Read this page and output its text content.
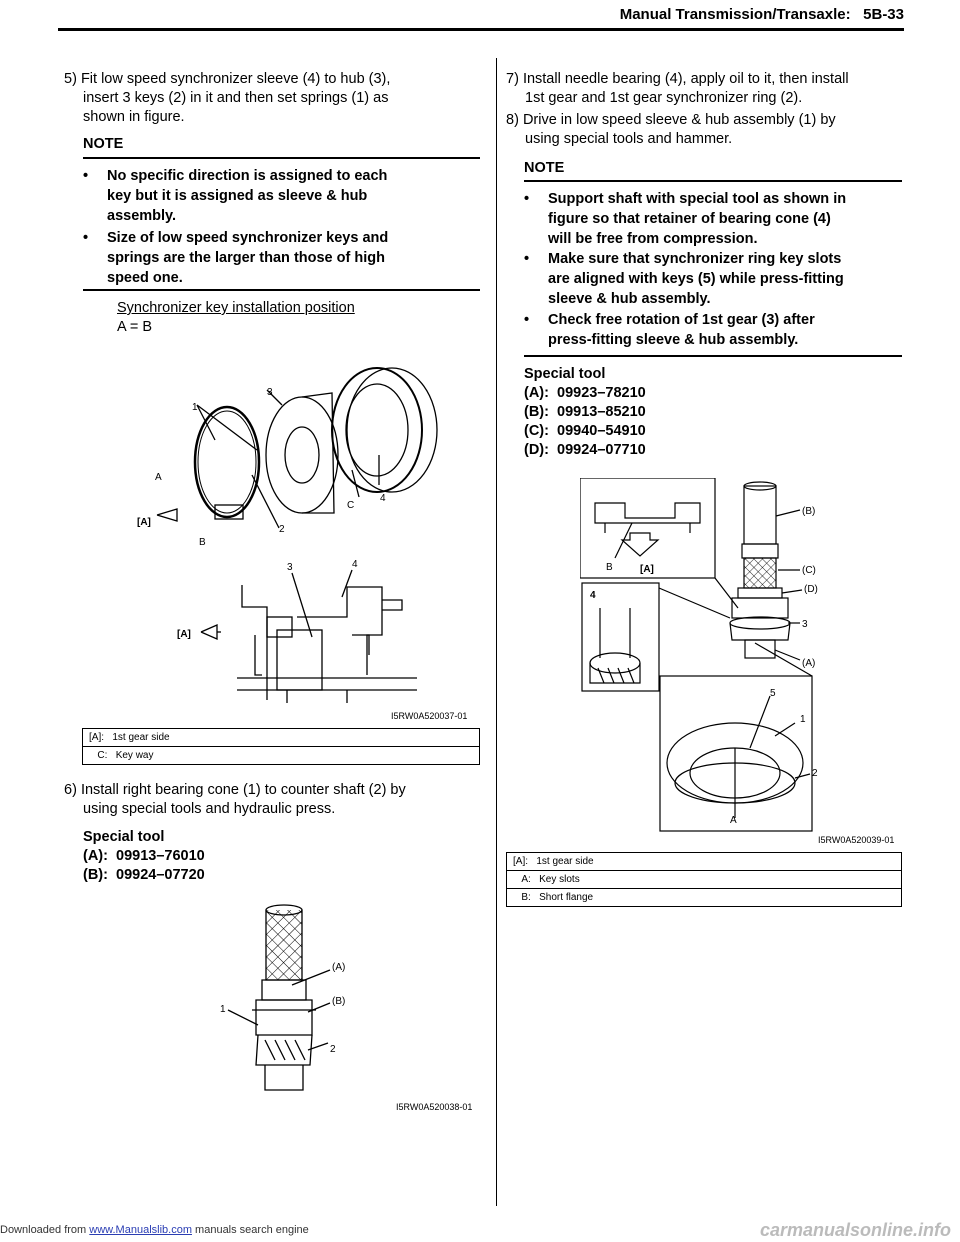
Manual Transmission/Transaxle: 5B-33
5) Fit low speed synchronizer sleeve (4) to hub (3),
insert 3 keys (2) in it and then set springs (1) as
shown in figure.
NOTE
•	No specific direction is assigned to each
key but it is assigned as sleeve & hub
assembly.
•	Size of low speed synchronizer keys and
springs are the larger than those of high
speed one.
Synchronizer key installation position
A = B
1
3
A
[A]
B
2
C
4
3	4
[A]
I5RW0A520037-01
[A]: 1st gear side
C: Key way
6) Install right bearing cone (1) to counter shaft (2) by
using special tools and hydraulic press.
Special tool
(A): 09913–76010
(B): 09924–07720
(A)
(B)
1
2
I5RW0A520038-01
7) Install needle bearing (4), apply oil to it, then install
1st gear and 1st gear synchronizer ring (2).
8) Drive in low speed sleeve & hub assembly (1) by
using special tools and hammer.
NOTE
•	Support shaft with special tool as shown in
figure so that retainer of bearing cone (4)
will be free from compression.
•	Make sure that synchronizer ring key slots
are aligned with keys (5) while press-fitting
sleeve & hub assembly.
•	Check free rotation of 1st gear (3) after
press-fitting sleeve & hub assembly.
Special tool
(A): 09923–78210
(B): 09913–85210
(C): 09940–54910
(D): 09924–07710
(B)
(C)
(D)
3
(A)
B	[A]
4
5
1
2
A
I5RW0A520039-01
[A]: 1st gear side
A: Key slots
B: Short flange
Downloaded from www.Manualslib.com manuals search engine	carmanualsonline.info
